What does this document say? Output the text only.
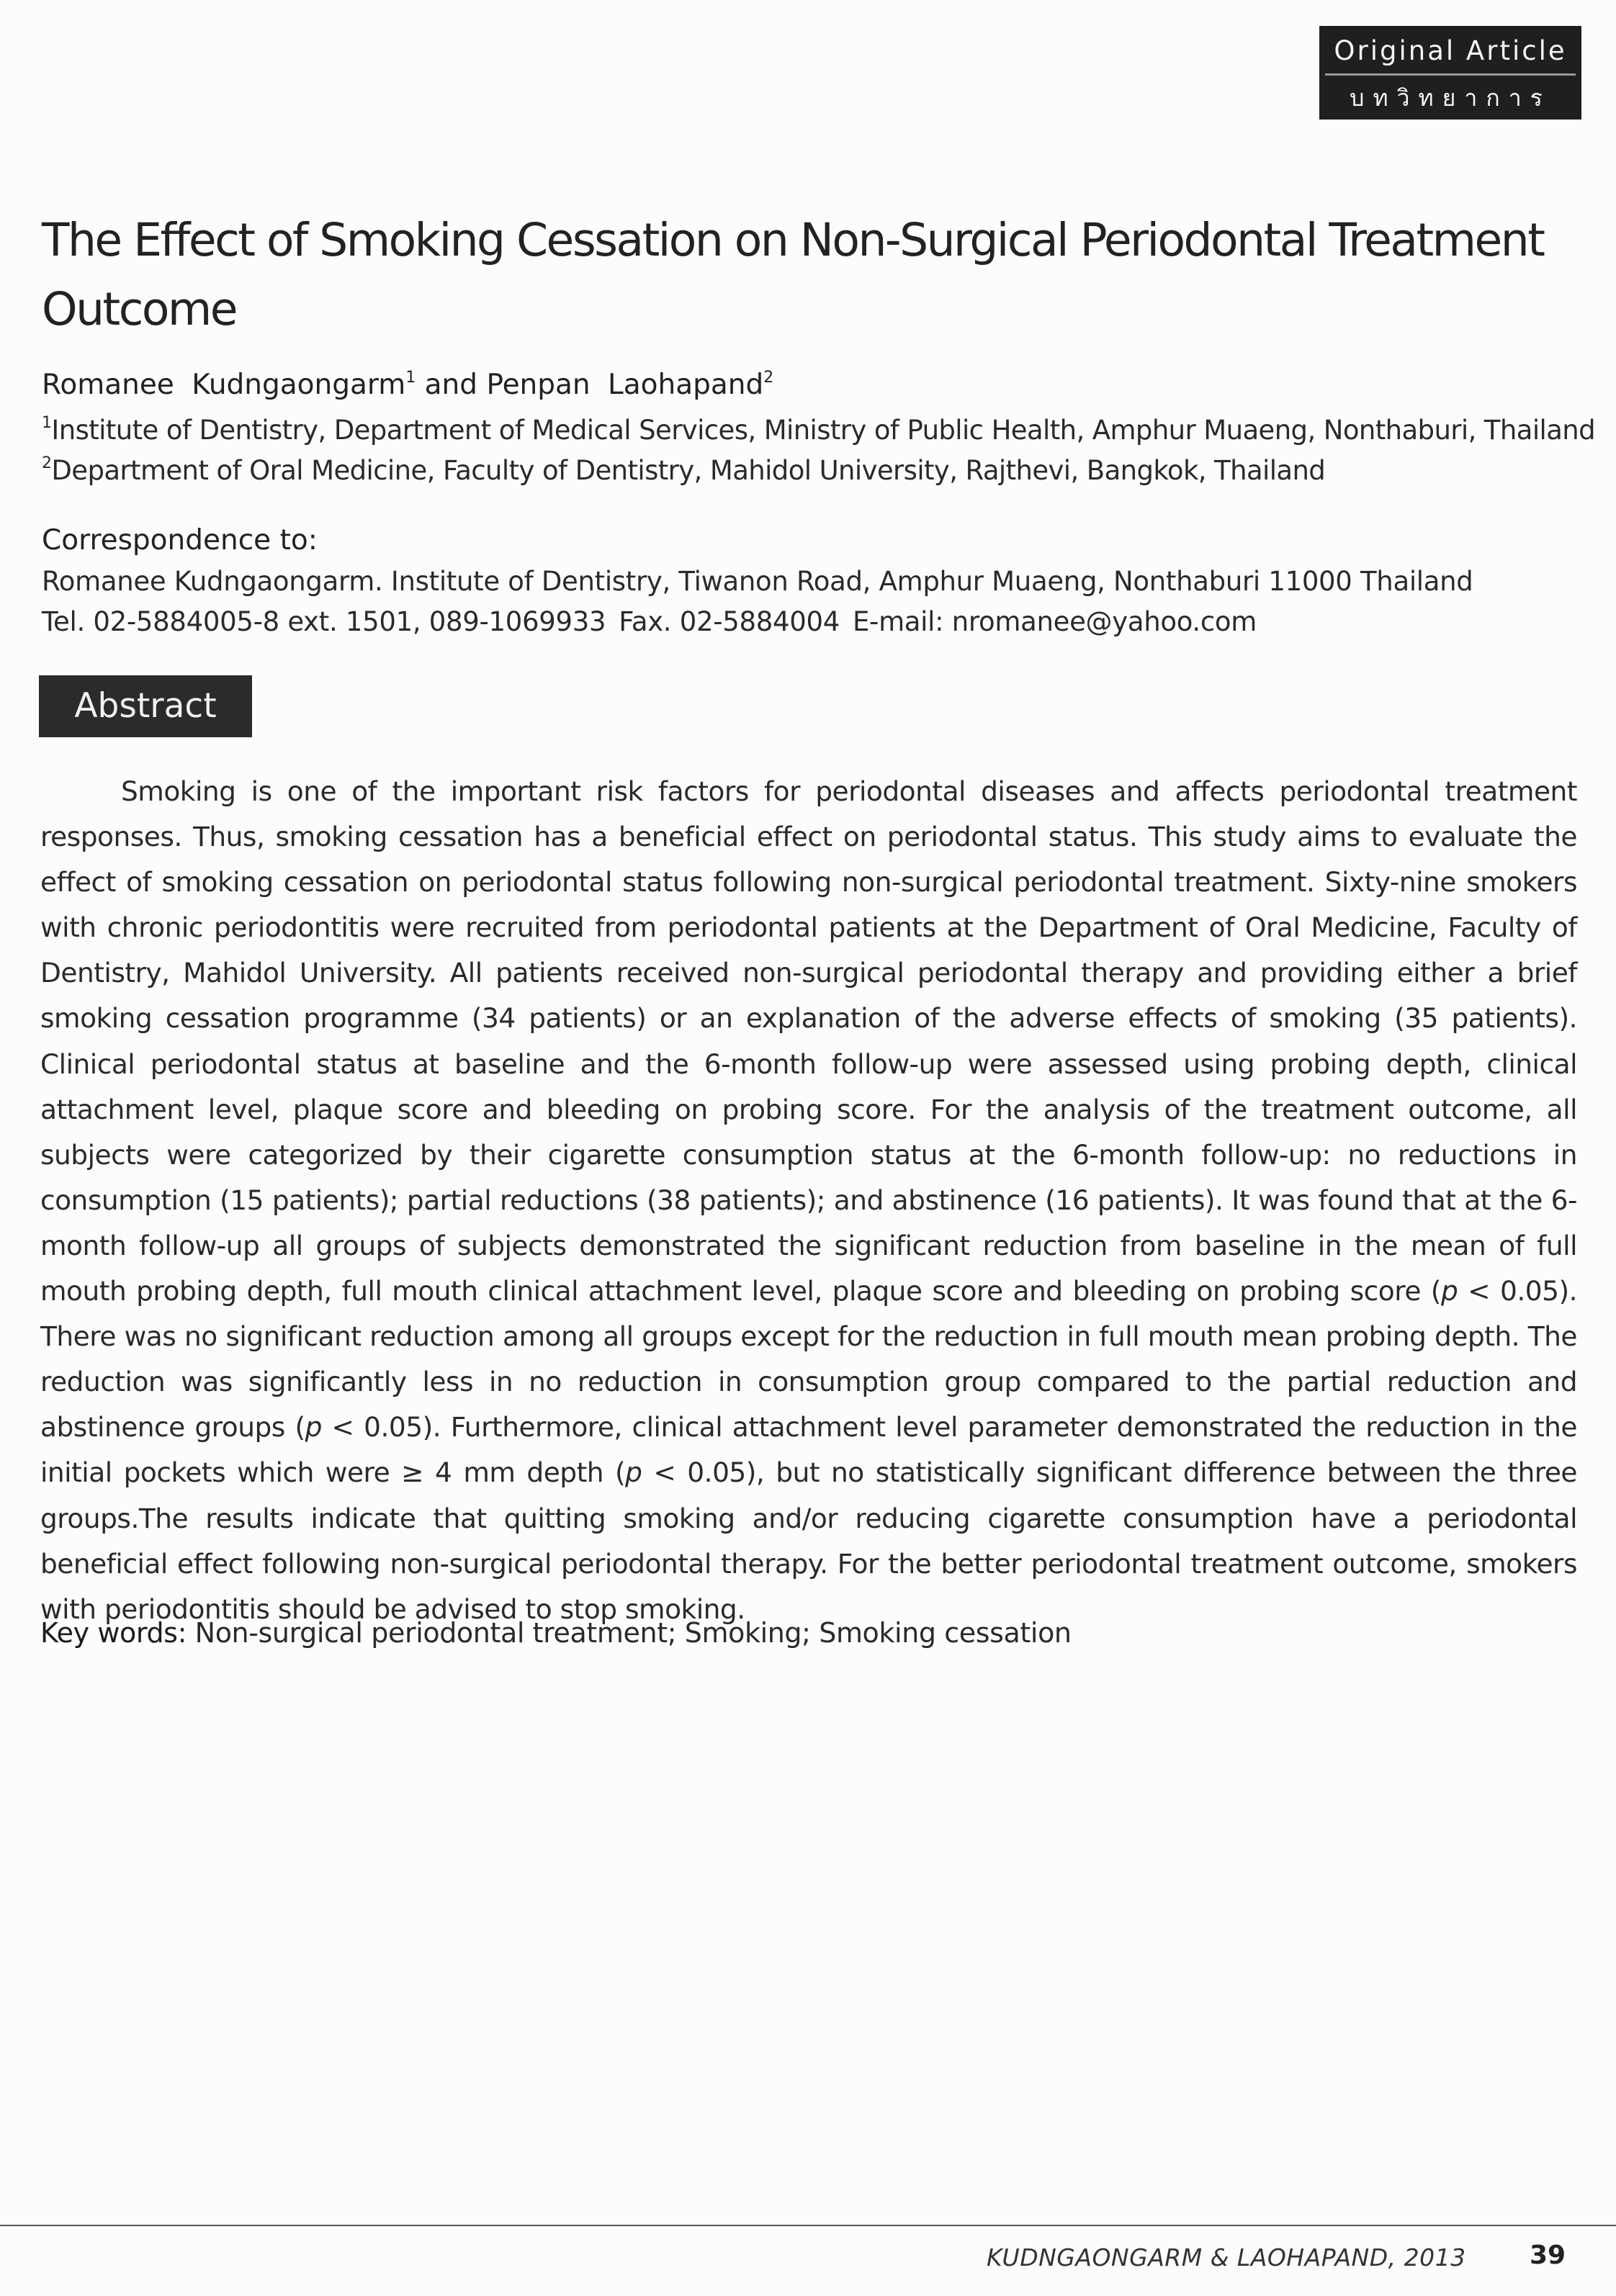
Original Article
บทวิทยาการ
The Effect of Smoking Cessation on Non-Surgical Periodontal Treatment Outcome
Romanee Kudngaongarm$^1$ and Penpan Laohapand$^2$
$^1$Institute of Dentistry, Department of Medical Services, Ministry of Public Health, Amphur Muaeng, Nonthaburi, Thailand
$^2$Department of Oral Medicine, Faculty of Dentistry, Mahidol University, Rajthevi, Bangkok, Thailand
Correspondence to:
Romanee Kudngaongarm. Institute of Dentistry, Tiwanon Road, Amphur Muaeng, Nonthaburi 11000 Thailand
Tel. 02-5884005-8 ext. 1501, 089-1069933 Fax. 02-5884004 E-mail: nromanee@yahoo.com
Abstract

Smoking is one of the important risk factors for periodontal diseases and affects periodontal treatment responses. Thus, smoking cessation has a beneficial effect on periodontal status. This study aims to evaluate the effect of smoking cessation on periodontal status following non-surgical periodontal treatment. Sixty-nine smokers with chronic periodontitis were recruited from periodontal patients at the Department of Oral Medicine, Faculty of Dentistry, Mahidol University. All patients received non-surgical periodontal therapy and providing either a brief smoking cessation programme (34 patients) or an explanation of the adverse effects of smoking (35 patients). Clinical periodontal status at baseline and the 6-month follow-up were assessed using probing depth, clinical attachment level, plaque score and bleeding on probing score. For the analysis of the treatment outcome, all subjects were categorized by their cigarette consumption status at the 6-month follow-up: no reductions in consumption (15 patients); partial reductions (38 patients); and abstinence (16 patients). It was found that at the 6-month follow-up all groups of subjects demonstrated the significant reduction from baseline in the mean of full mouth probing depth, full mouth clinical attachment level, plaque score and bleeding on probing score (p < 0.05). There was no significant reduction among all groups except for the reduction in full mouth mean probing depth. The reduction was significantly less in no reduction in consumption group compared to the partial reduction and abstinence groups (p < 0.05). Furthermore, clinical attachment level parameter demonstrated the reduction in the initial pockets which were ≥ 4 mm depth (p < 0.05), but no statistically significant difference between the three groups.The results indicate that quitting smoking and/or reducing cigarette consumption have a periodontal beneficial effect following non-surgical periodontal therapy. For the better periodontal treatment outcome, smokers with periodontitis should be advised to stop smoking.

Key words: Non-surgical periodontal treatment; Smoking; Smoking cessation
KUDNGAONGARM & LAOHAPAND, 2013 39
